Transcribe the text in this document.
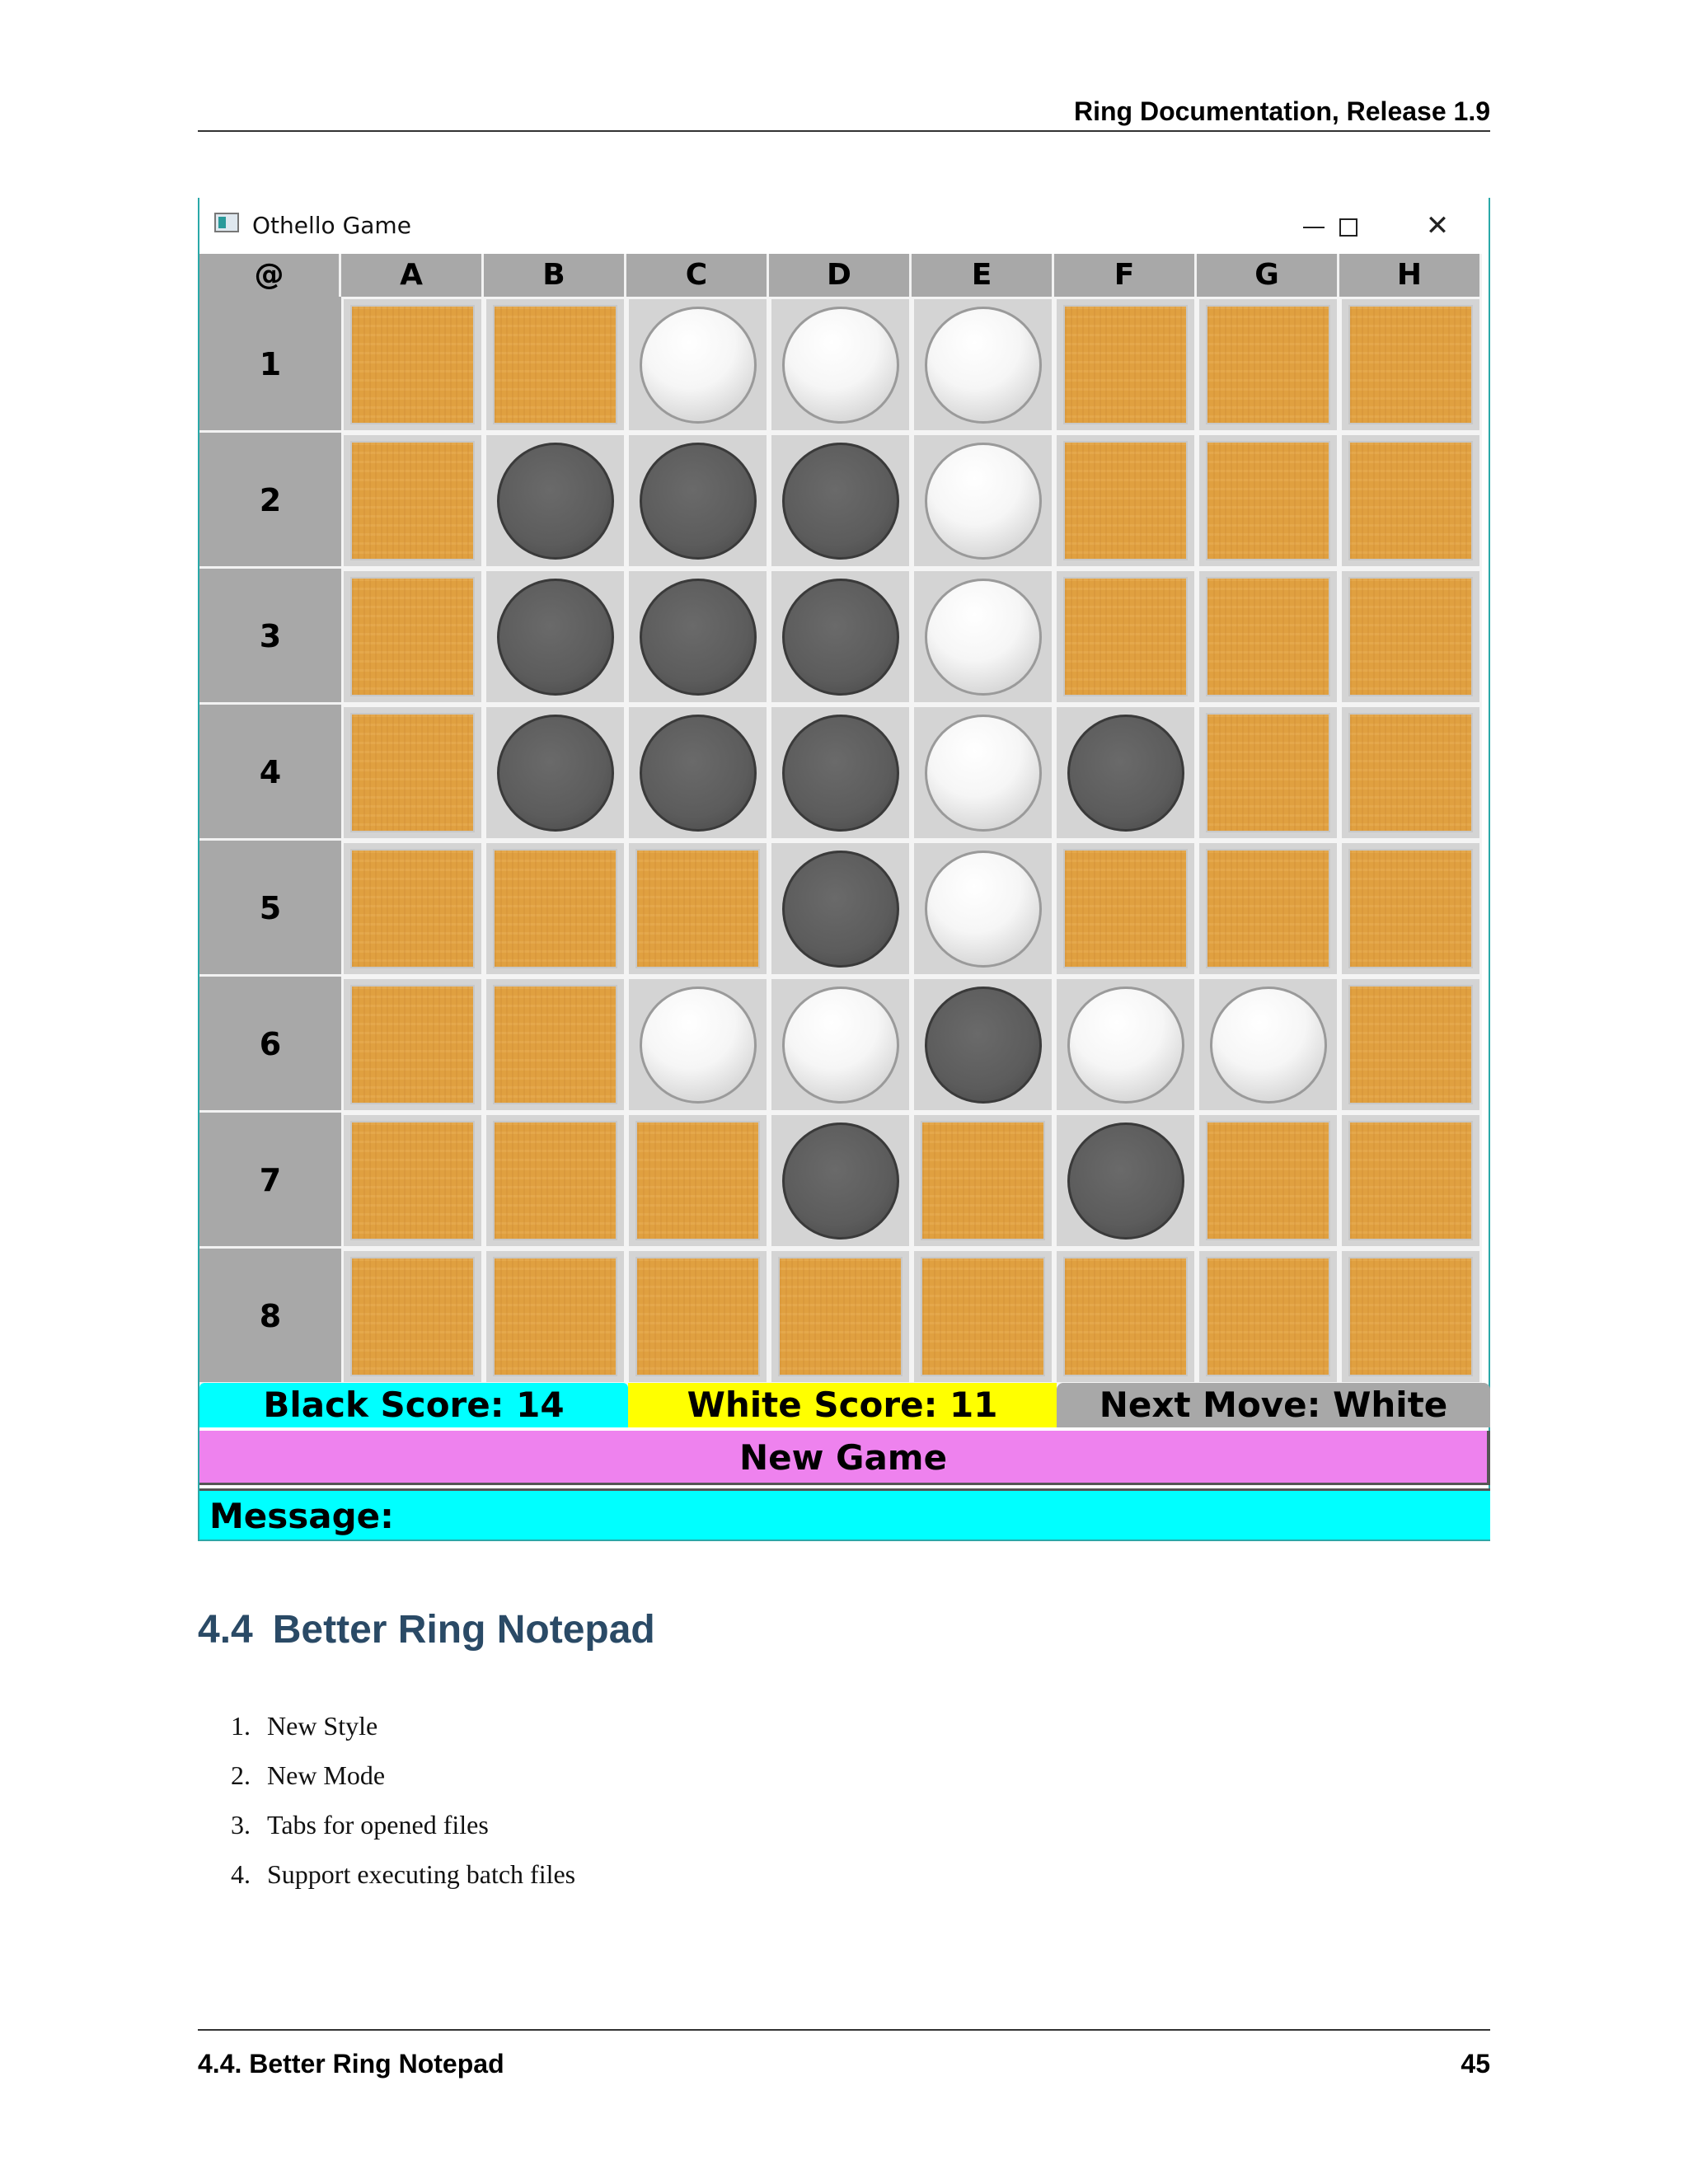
Ring Documentation, Release 1.9
Othello Game	✕
@	A	B	C	D	E	F	G	H
1
2
3
4
5
6
7
8
Black Score: 14	White Score: 11	Next Move: White
New Game
Message:
4.4 Better Ring Notepad
1. New Style
2. New Mode
3. Tabs for opened files
4. Support executing batch files
4.4. Better Ring Notepad	45
